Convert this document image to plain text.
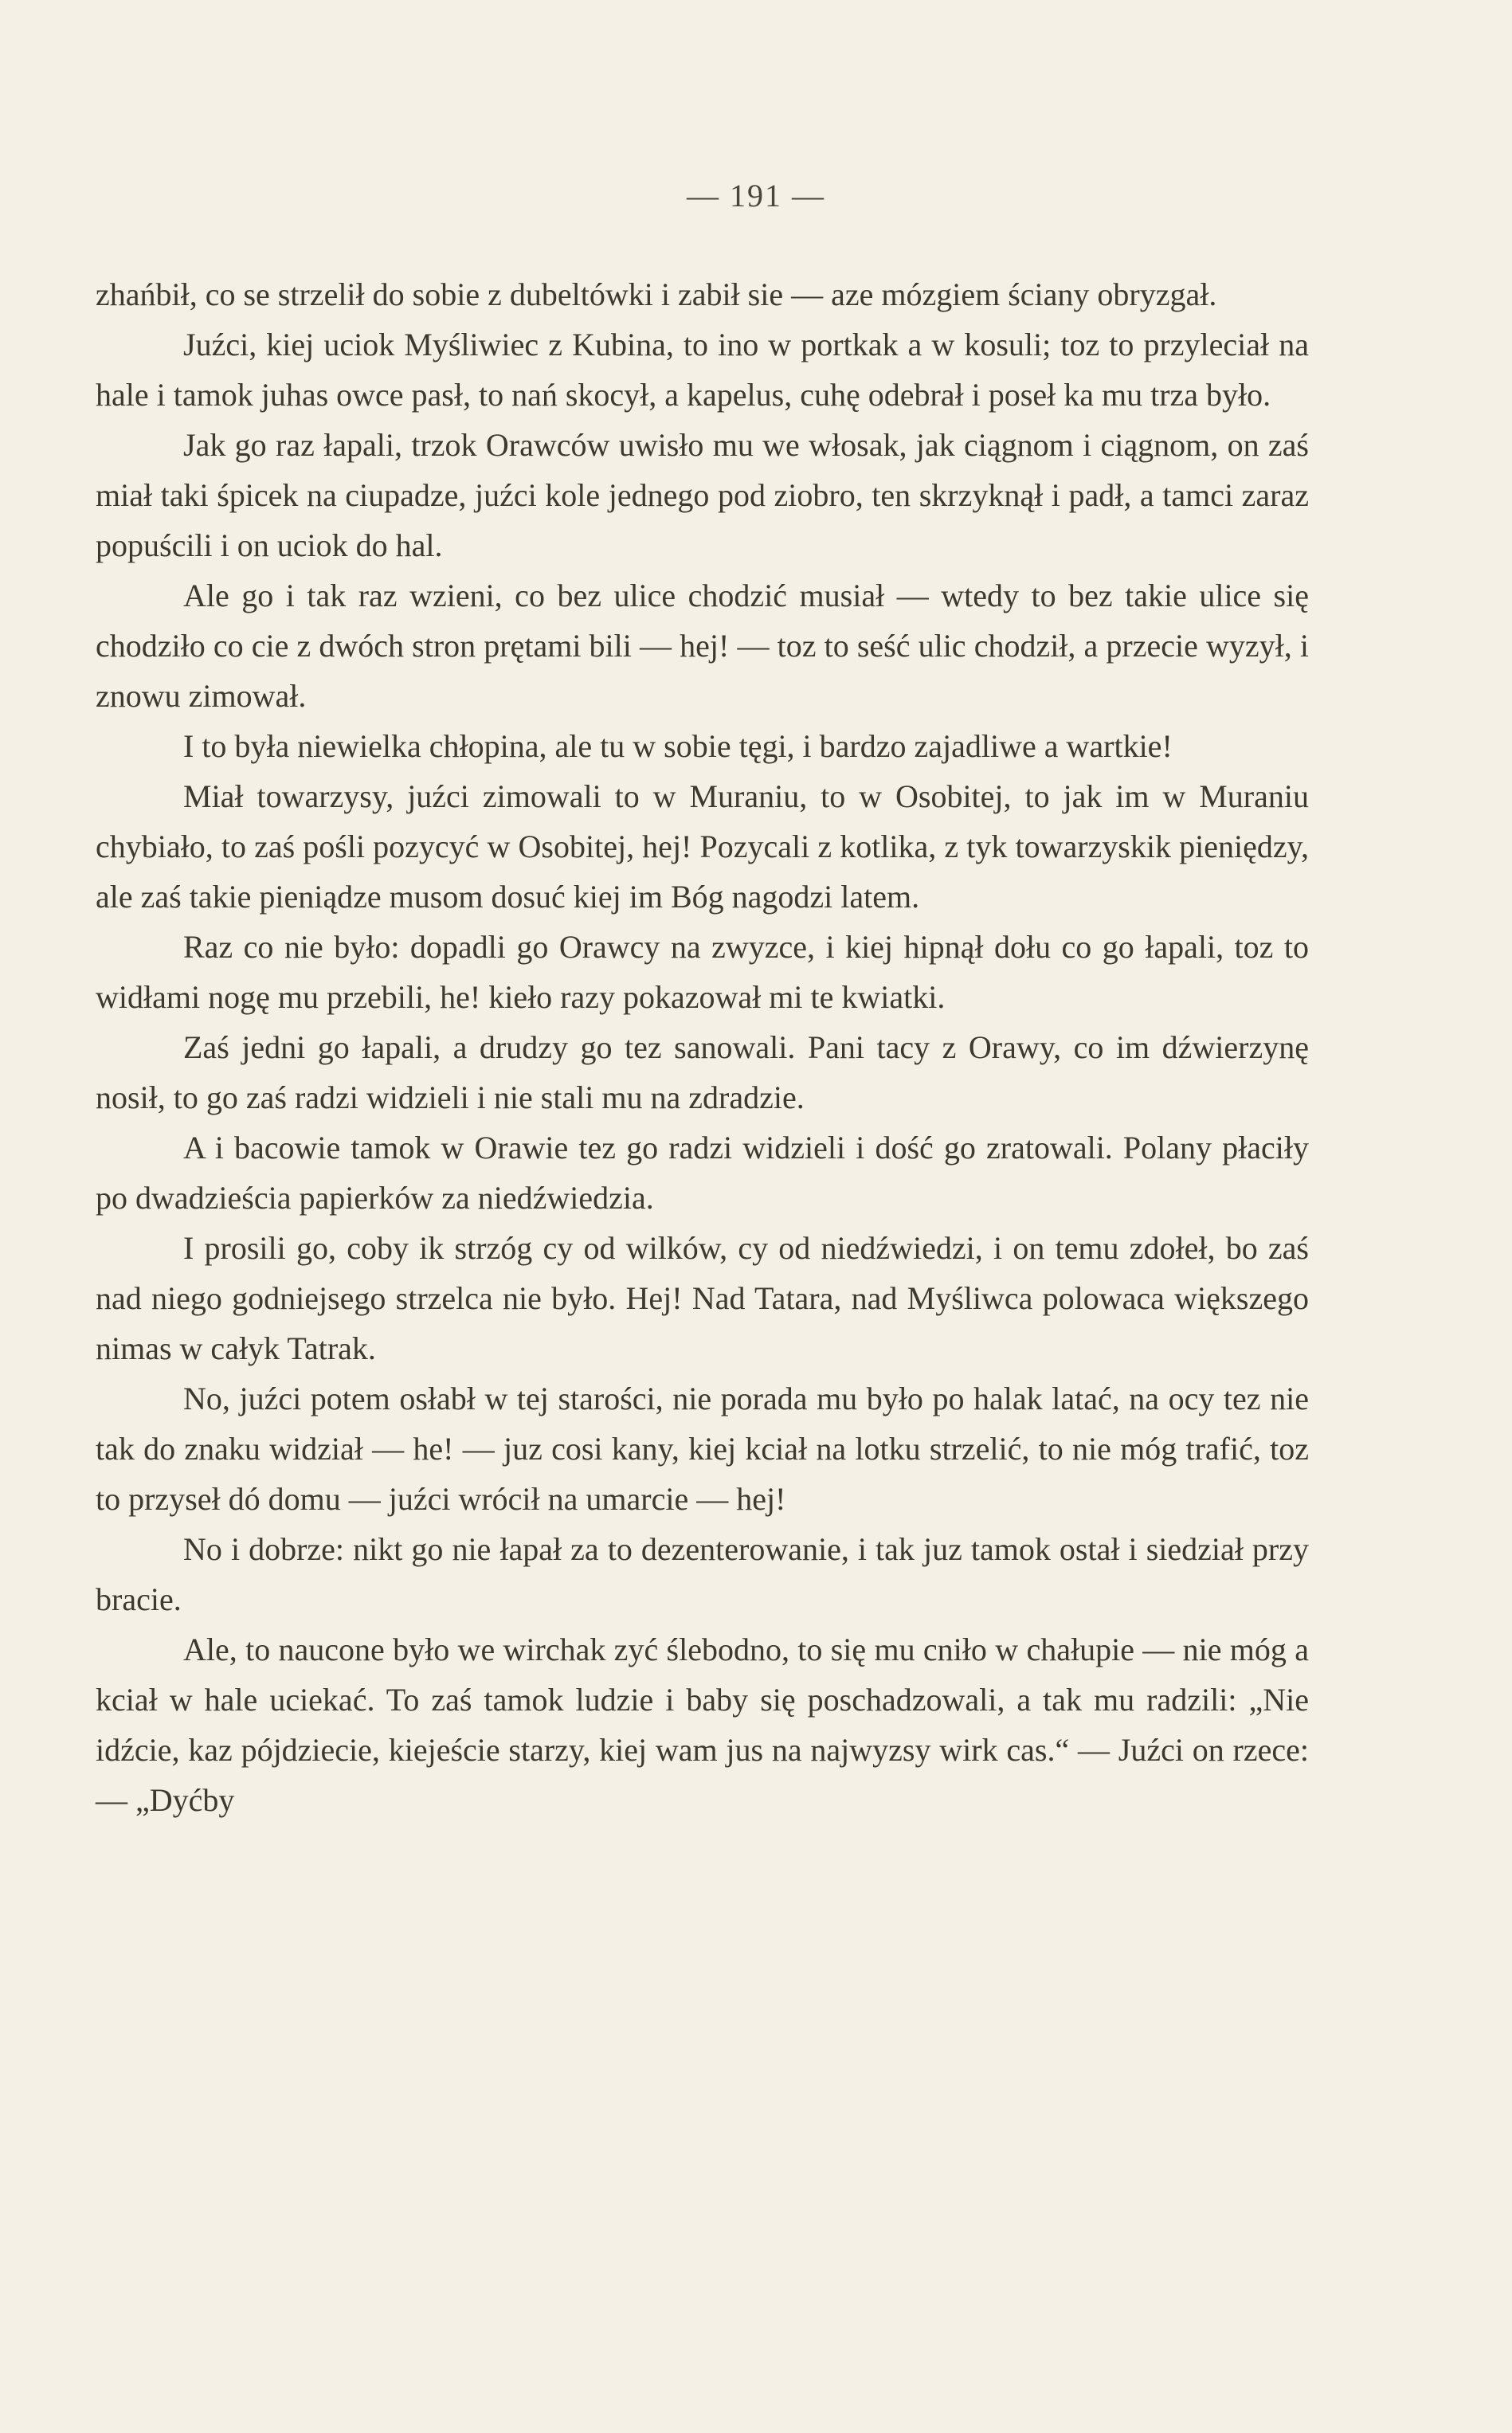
— 191 —

zhańbił, co se strzelił do sobie z dubeltówki i zabił sie — aze mózgiem ściany obryzgał.

Juźci, kiej uciok Myśliwiec z Kubina, to ino w portkak a w kosuli; toz to przyleciał na hale i tamok juhas owce pasł, to nań skocył, a kapelus, cuhę odebrał i poseł ka mu trza było.

Jak go raz łapali, trzok Orawców uwisło mu we włosak, jak ciągnom i ciągnom, on zaś miał taki śpicek na ciupadze, juźci kole jednego pod ziobro, ten skrzyknął i padł, a tamci zaraz popuścili i on uciok do hal.

Ale go i tak raz wzieni, co bez ulice chodzić musiał — wtedy to bez takie ulice się chodziło co cie z dwóch stron prętami bili — hej! — toz to seść ulic chodził, a przecie wyzył, i znowu zimował.

I to była niewielka chłopina, ale tu w sobie tęgi, i bardzo zajadliwe a wartkie!

Miał towarzysy, juźci zimowali to w Muraniu, to w Osobitej, to jak im w Muraniu chybiało, to zaś pośli pozycyć w Osobitej, hej! Pozycali z kotlika, z tyk towarzyskik pieniędzy, ale zaś takie pieniądze musom dosuć kiej im Bóg nagodzi latem.

Raz co nie było: dopadli go Orawcy na zwyzce, i kiej hipnął dołu co go łapali, toz to widłami nogę mu przebili, he! kieło razy pokazował mi te kwiatki.

Zaś jedni go łapali, a drudzy go tez sanowali. Pani tacy z Orawy, co im dźwierzynę nosił, to go zaś radzi widzieli i nie stali mu na zdradzie.

A i bacowie tamok w Orawie tez go radzi widzieli i dość go zratowali. Polany płaciły po dwadzieścia papierków za niedźwiedzia.

I prosili go, coby ik strzóg cy od wilków, cy od niedźwiedzi, i on temu zdołeł, bo zaś nad niego godniejsego strzelca nie było. Hej! Nad Tatara, nad Myśliwca polowaca większego nimas w całyk Tatrak.

No, juźci potem osłabł w tej starości, nie porada mu było po halak latać, na ocy tez nie tak do znaku widział — he! — juz cosi kany, kiej kciał na lotku strzelić, to nie móg trafić, toz to przyseł dó domu — juźci wrócił na umarcie — hej!

No i dobrze: nikt go nie łapał za to dezenterowanie, i tak juz tamok ostał i siedział przy bracie.

Ale, to naucone było we wirchak zyć ślebodno, to się mu cniło w chałupie — nie móg a kciał w hale uciekać. To zaś tamok ludzie i baby się poschadzowali, a tak mu radzili: „Nie idźcie, kaz pójdziecie, kiejeście starzy, kiej wam jus na najwyzsy wirk cas.“ — Juźci on rzece: — „Dyćby
